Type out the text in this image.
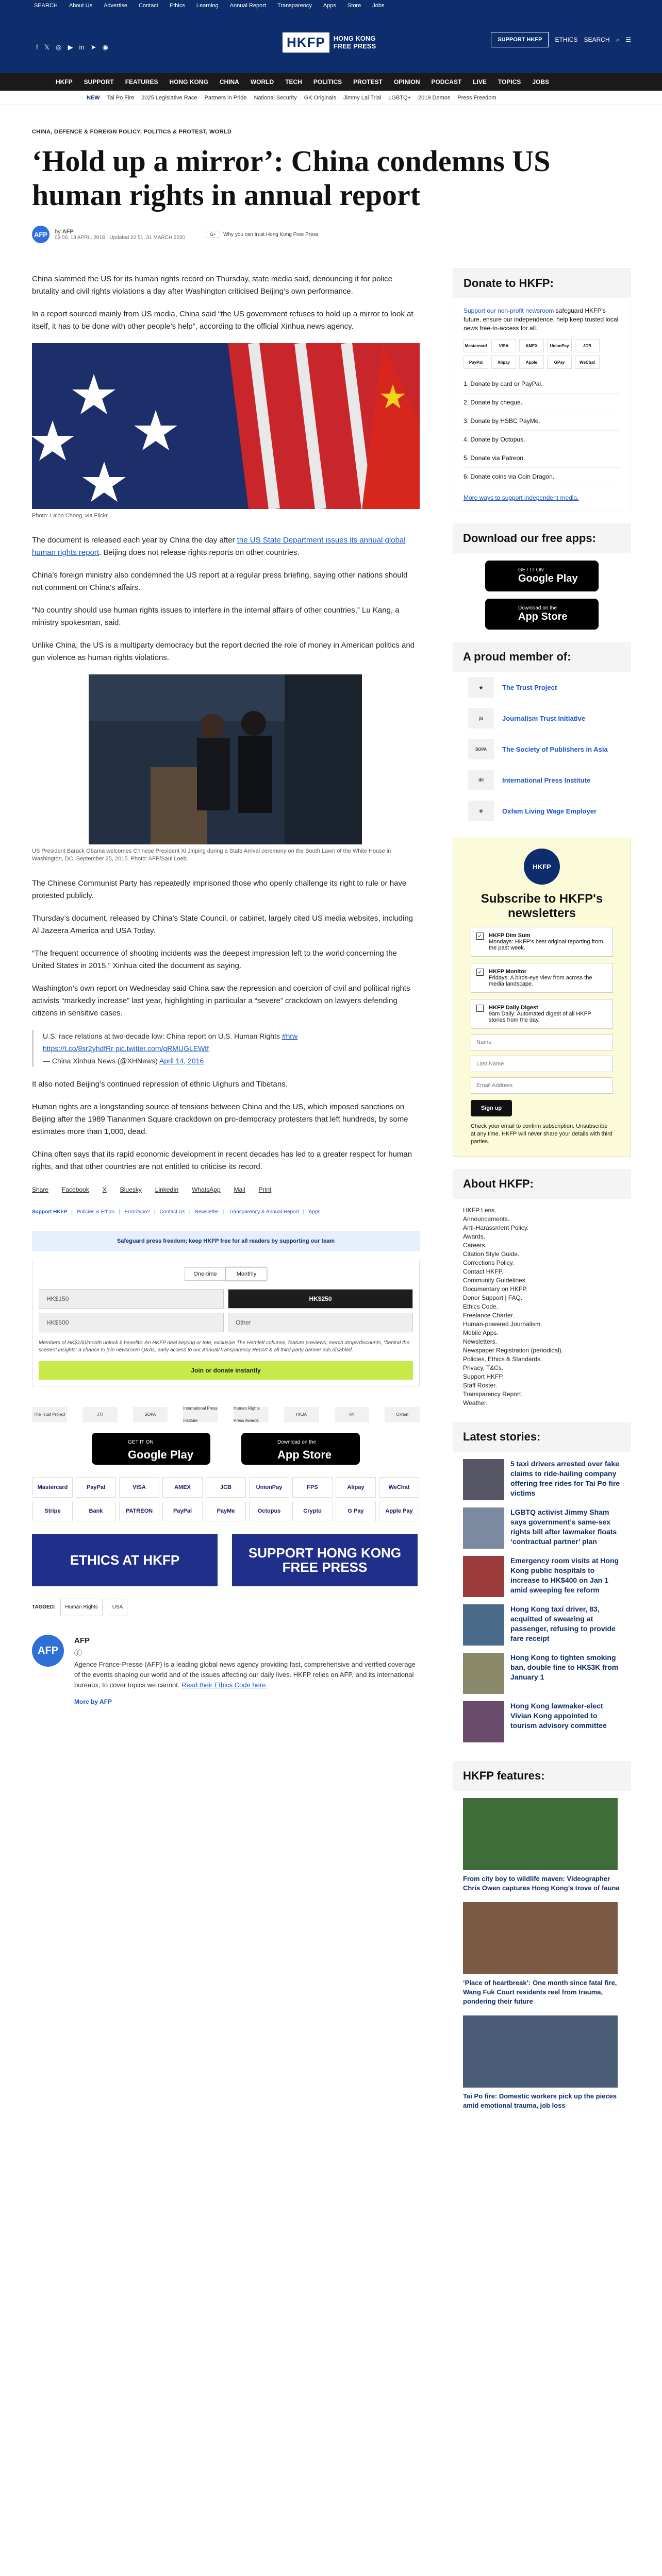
SEARCH About Us Advertise Contact Ethics Learning Annual Report Transparency Apps Store Jobs
f 𝕏 ◎ ▶ in ➤ ◉	HKFP	HONG KONG
FREE PRESS
SUPPORT HKFP	ETHICS SEARCH ⌕ ☰
HKFP SUPPORT FEATURES HONG KONG CHINA WORLD TECH POLITICS PROTEST OPINION PODCAST LIVE TOPICS JOBS
NEW Tai Po Fire 2025 Legislative Race Partners in Pride National Security GK Originals Jimmy Lai Trial LGBTQ+ 2019 Demos Press Freedom
CHINA, DEFENCE & FOREIGN POLICY, POLITICS & PROTEST, WORLD
‘Hold up a mirror’: China condemns US human rights in annual report
AFP	by AFP
09:00, 13 APRIL 2018 · Updated 22:51, 31 MARCH 2020
G+	Why you can trust Hong Kong Free Press

China slammed the US for its human rights record on Thursday, state media said, denouncing it for police brutality and civil rights violations a day after Washington criticised Beijing’s own performance.

In a report sourced mainly from US media, China said “the US government refuses to hold up a mirror to look at itself, it has to be done with other people’s help”, according to the official Xinhua news agency.

Photo: Laion Chong, via Flickr.

The document is released each year by China the day after the US State Department issues its annual global human rights report. Beijing does not release rights reports on other countries.

China’s foreign ministry also condemned the US report at a regular press briefing, saying other nations should not comment on China’s affairs.

“No country should use human rights issues to interfere in the internal affairs of other countries,” Lu Kang, a ministry spokesman, said.

Unlike China, the US is a multiparty democracy but the report decried the role of money in American politics and gun violence as human rights violations.

US President Barack Obama welcomes Chinese President Xi Jinping during a State Arrival ceremony on the South Lawn of the White House in Washington, DC, September 25, 2015. Photo: AFP/Saul Loeb.

The Chinese Communist Party has repeatedly imprisoned those who openly challenge its right to rule or have protested publicly.

Thursday’s document, released by China’s State Council, or cabinet, largely cited US media websites, including Al Jazeera America and USA Today.

“The frequent occurrence of shooting incidents was the deepest impression left to the world concerning the United States in 2015,” Xinhua cited the document as saying.

Washington’s own report on Wednesday said China saw the repression and coercion of civil and political rights activists “markedly increase” last year, highlighting in particular a “severe” crackdown on lawyers defending citizens in sensitive cases.

U.S. race relations at two-decade low: China report on U.S. Human Rights #hrw
https://t.co/8sr2yhdfRr pic.twitter.com/qRMUGLEWtf
— China Xinhua News (@XHNews) April 14, 2016

It also noted Beijing’s continued repression of ethnic Uighurs and Tibetans.

Human rights are a longstanding source of tensions between China and the US, which imposed sanctions on Beijing after the 1989 Tiananmen Square crackdown on pro-democracy protesters that left hundreds, by some estimates more than 1,000, dead.

China often says that its rapid economic development in recent decades has led to a greater respect for human rights, and that other countries are not entitled to criticise its record.

Share Facebook X Bluesky LinkedIn WhatsApp Mail Print
Support HKFP | Policies & Ethics | Error/typo? | Contact Us | Newsletter | Transparency & Annual Report | Apps
Safeguard press freedom; keep HKFP free for all readers by supporting our team
One-time	Monthly
HK$150	HK$250
HK$500	Other
Members of HK$150/month unlock 6 benefits: An HKFP deal keyring or tote, exclusive The Hamlett columns, feature previews, merch drops/discounts, “behind the scenes” insights; a chance to join newsroom Q&As, early access to our Annual/Transparency Report & all third-party banner ads disabled.
Join or donate instantly
The Trust Project	JTI	SOPA
International Press Institute
Human Rights Press Awards
HKJA	IPI	Oxfam
GET IT ON
Google Play
Download on the
App Store
Mastercard	PayPal	VISA	AMEX	JCB	UnionPay	FPS	Alipay	WeChat
Stripe	Bank	PATREON	PayPal	PayMe	Octopus	Crypto	G Pay	Apple Pay
ETHICS AT HKFP	SUPPORT HONG KONG FREE PRESS
TAGGED:	Human Rights	USA
AFP
AFP
ⓕ
Agence France-Presse (AFP) is a leading global news agency providing fast, comprehensive and verified coverage of the events shaping our world and of the issues affecting our daily lives. HKFP relies on AFP, and its international bureaux, to cover topics we cannot. Read their Ethics Code here.
More by AFP
Donate to HKFP:
Support our non-profit newsroom safeguard HKFP’s future, ensure our independence, help keep trusted local news free-to-access for all.
Mastercard	VISA	AMEX	UnionPay	JCB
PayPal	Alipay	Apple	GPay	WeChat
1. Donate by card or PayPal.
2. Donate by cheque.
3. Donate by HSBC PayMe.
4. Donate by Octopus.
5. Donate via Patreon.
6. Donate coins via Coin Dragon.
More ways to support independent media.
Download our free apps:
GET IT ON
Google Play
Download on the
App Store
A proud member of:
◆	The Trust Project
jti	Journalism Trust Initiative
SOPA	The Society of Publishers in Asia
IPI	International Press Institute
✿	Oxfam Living Wage Employer
HKFP
Subscribe to HKFP's newsletters
✓ HKFP Dim Sum
Mondays: HKFP's best original reporting from the past week.
✓ HKFP Monitor
Fridays: A birds-eye view from across the media landscape.
HKFP Daily Digest
9am Daily: Automated digest of all HKFP stories from the day.
Name Last Name Email Address
Sign up
Check your email to confirm subscription. Unsubscribe at any time. HKFP will never share your details with third parties.
About HKFP:
HKFP Lens.
Announcements.
Anti-Harassment Policy.
Awards.
Careers.
Citation Style Guide.
Corrections Policy.
Contact HKFP.
Community Guidelines.
Documentary on HKFP.
Donor Support | FAQ.
Ethics Code.
Freelance Charter.
Human-powered Journalism.
Mobile Apps.
Newsletters.
Newspaper Registration (periodical).
Policies, Ethics & Standards.
Privacy, T&Cs.
Support HKFP.
Staff Roster.
Transparency Report.
Weather.
Latest stories:
5 taxi drivers arrested over fake claims to ride-hailing company offering free rides for Tai Po fire victims
LGBTQ activist Jimmy Sham says government’s same-sex rights bill after lawmaker floats ‘contractual partner’ plan
Emergency room visits at Hong Kong public hospitals to increase to HK$400 on Jan 1 amid sweeping fee reform
Hong Kong taxi driver, 83, acquitted of swearing at passenger, refusing to provide fare receipt
Hong Kong to tighten smoking ban, double fine to HK$3K from January 1
Hong Kong lawmaker-elect Vivian Kong appointed to tourism advisory committee
HKFP features:
From city boy to wildlife maven: Videographer Chris Owen captures Hong Kong’s trove of fauna
‘Place of heartbreak’: One month since fatal fire, Wang Fuk Court residents reel from trauma, pondering their future
Tai Po fire: Domestic workers pick up the pieces amid emotional trauma, job loss
